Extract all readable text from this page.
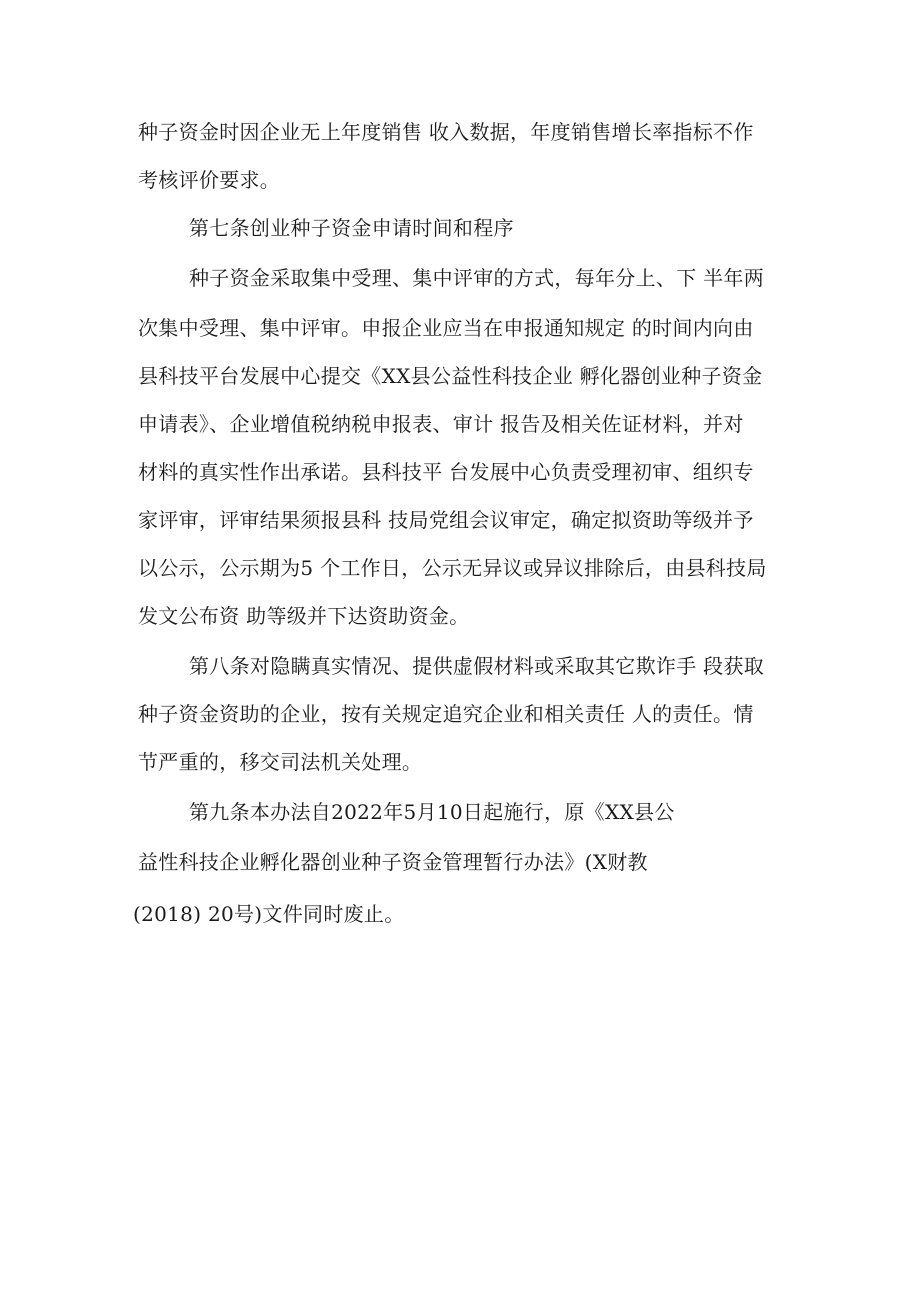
种子资金时因企业无上年度销售 收入数据，年度销售增长率指标不作
考核评价要求。
第七条创业种子资金申请时间和程序
种子资金采取集中受理、集中评审的方式，每年分上、下 半年两
次集中受理、集中评审。申报企业应当在申报通知规定 的时间内向由
县科技平台发展中心提交《XX县公益性科技企业 孵化器创业种子资金
申请表》、企业增值税纳税申报表、审计 报告及相关佐证材料，并对
材料的真实性作出承诺。县科技平 台发展中心负责受理初审、组织专
家评审，评审结果须报县科 技局党组会议审定，确定拟资助等级并予
以公示，公示期为5 个工作日，公示无异议或异议排除后，由县科技局
发文公布资 助等级并下达资助资金。
第八条对隐瞒真实情况、提供虚假材料或采取其它欺诈手 段获取
种子资金资助的企业，按有关规定追究企业和相关责任 人的责任。情
节严重的，移交司法机关处理。
第九条本办法自2022年5月10日起施行，原《XX县公
益性科技企业孵化器创业种子资金管理暂行办法》(X财教
(2018) 20号)文件同时废止。
